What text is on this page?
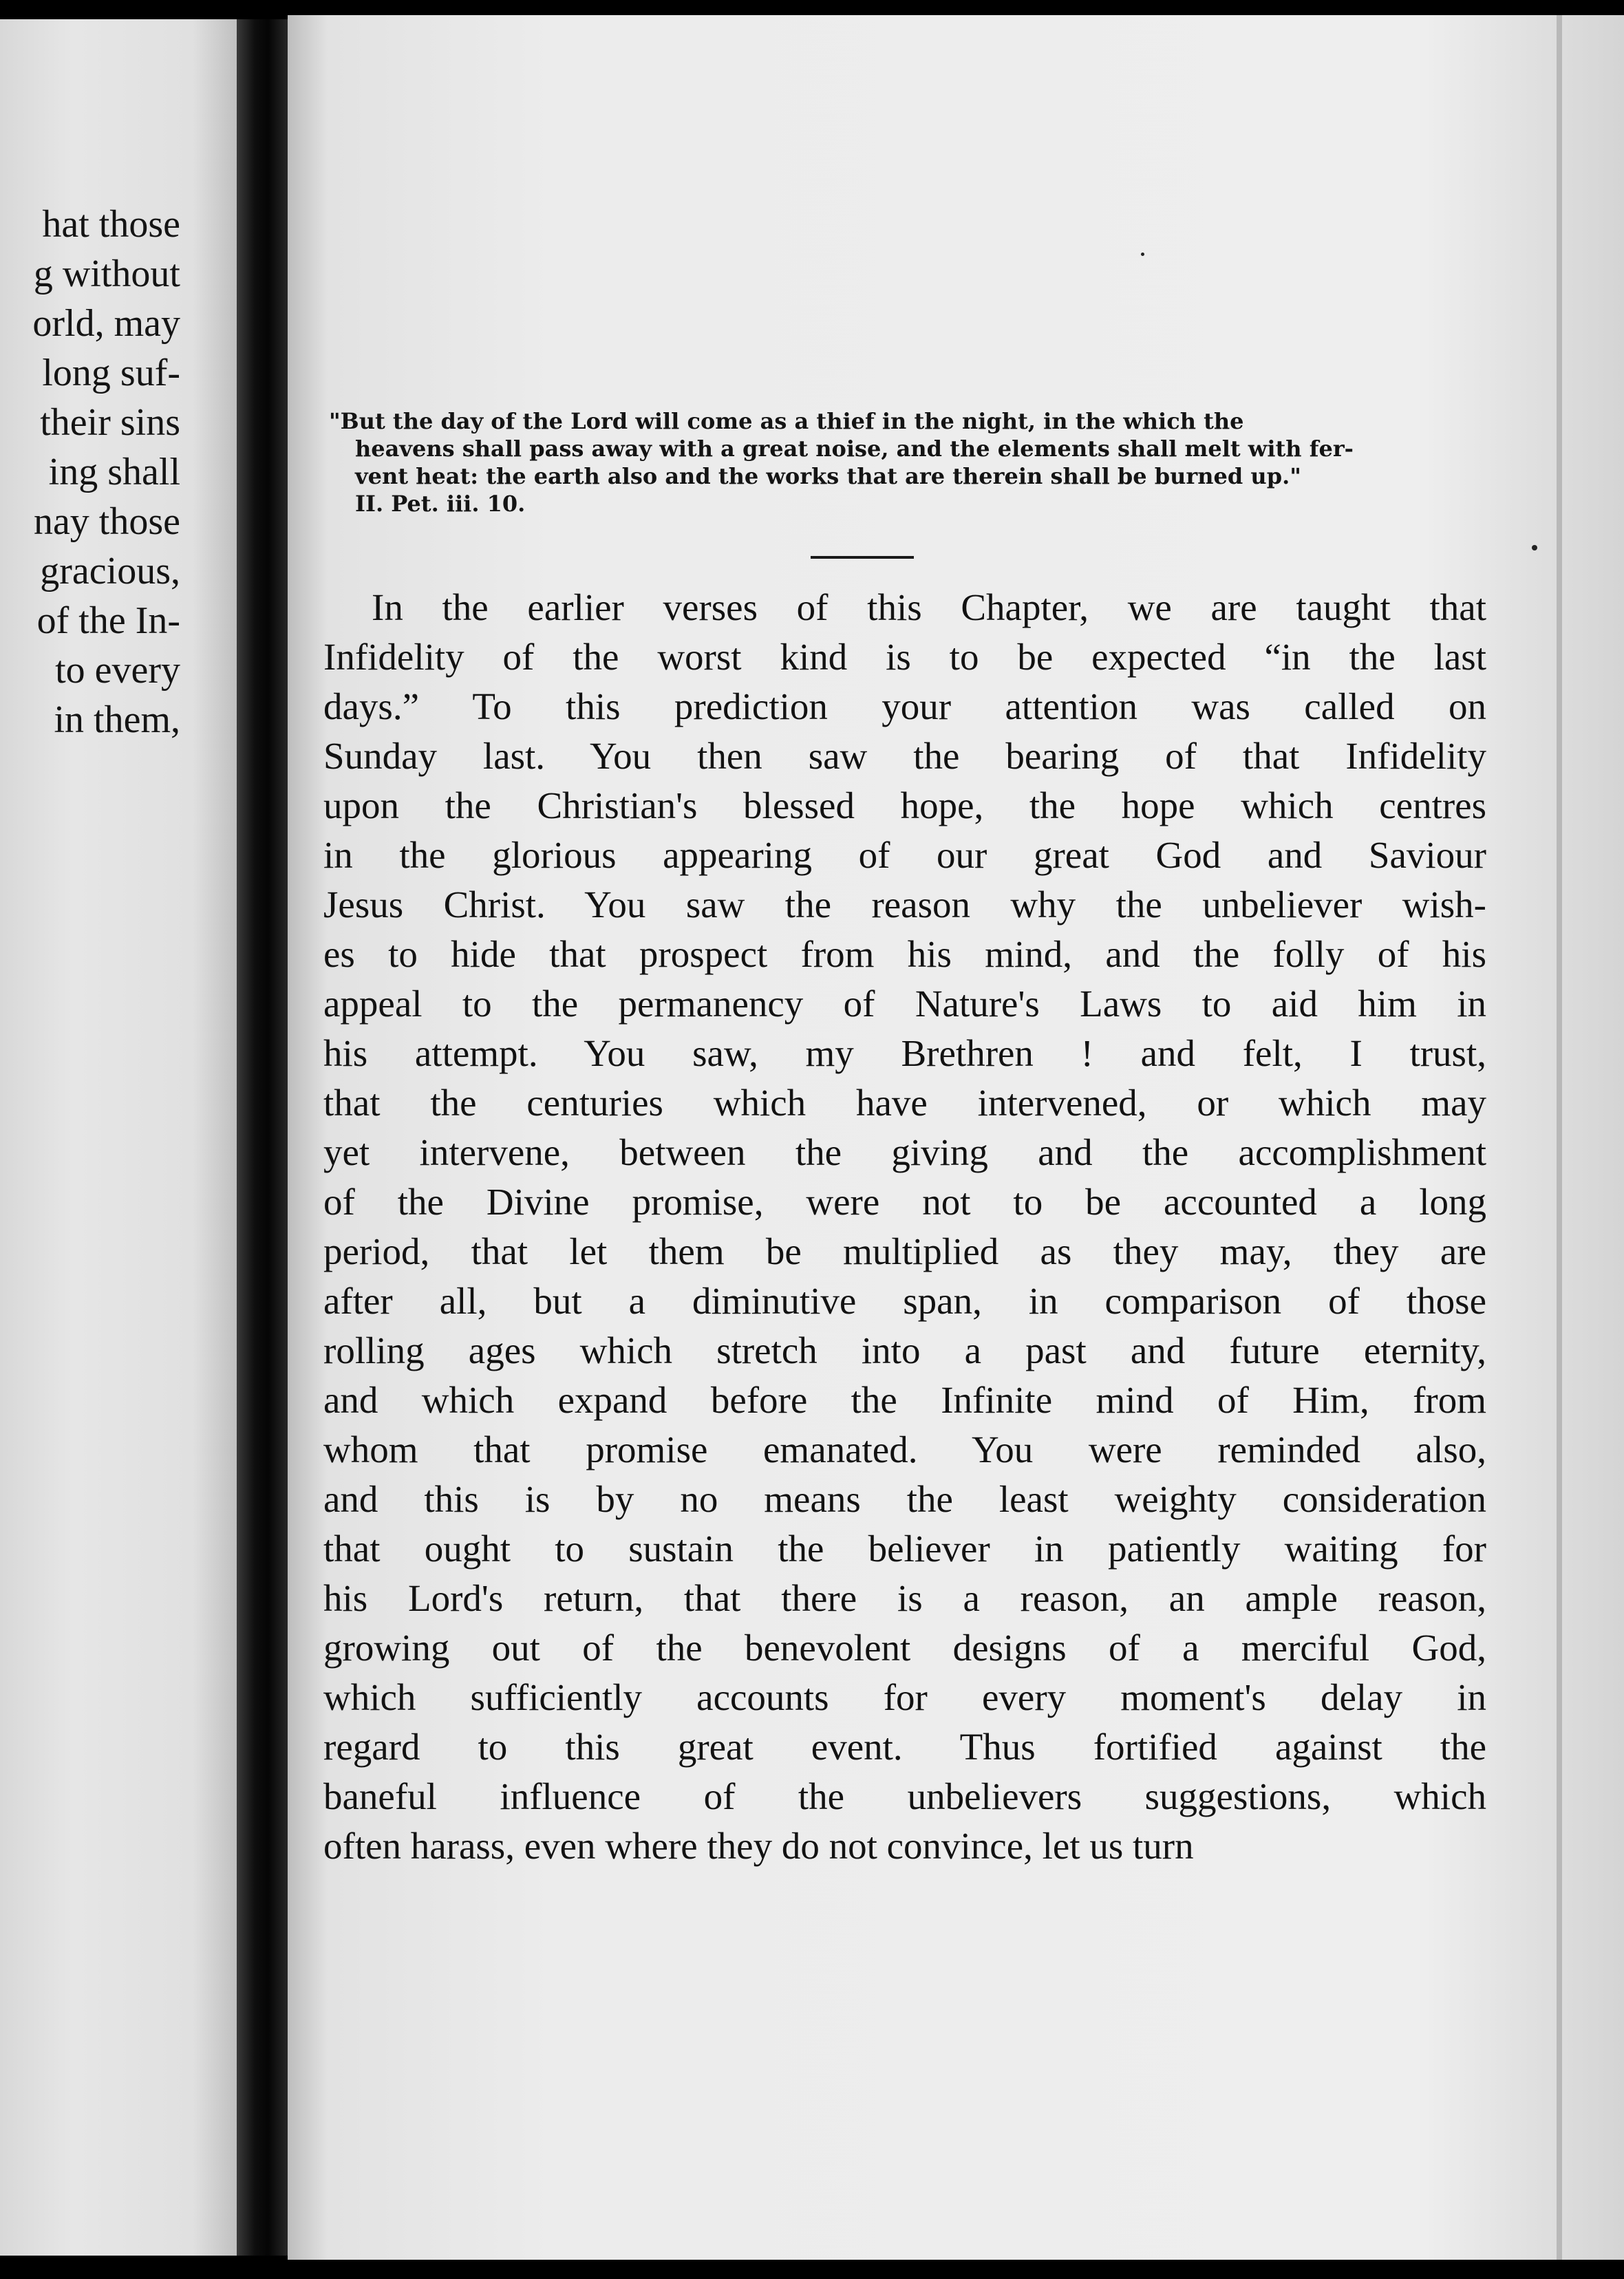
hat those
g without
orld, may
long suf-
their sins
ing shall
nay those
gracious,
of the In-
to every
in them,
"But the day of the Lord will come as a thief in the night, in the which the
heavens shall pass away with a great noise, and the elements shall melt with fer-
vent heat: the earth also and the works that are therein shall be burned up."
II. Pet. iii. 10.
In the earlier verses of this Chapter, we are taught that
Infidelity of the worst kind is to be expected “in the last
days.” To this prediction your attention was called on
Sunday last. You then saw the bearing of that Infidelity
upon the Christian's blessed hope, the hope which centres
in the glorious appearing of our great God and Saviour
Jesus Christ. You saw the reason why the unbeliever wish-
es to hide that prospect from his mind, and the folly of his
appeal to the permanency of Nature's Laws to aid him in
his attempt. You saw, my Brethren ! and felt, I trust,
that the centuries which have intervened, or which may
yet intervene, between the giving and the accomplishment
of the Divine promise, were not to be accounted a long
period, that let them be multiplied as they may, they are
after all, but a diminutive span, in comparison of those
rolling ages which stretch into a past and future eternity,
and which expand before the Infinite mind of Him, from
whom that promise emanated. You were reminded also,
and this is by no means the least weighty consideration
that ought to sustain the believer in patiently waiting for
his Lord's return, that there is a reason, an ample reason,
growing out of the benevolent designs of a merciful God,
which sufficiently accounts for every moment's delay in
regard to this great event. Thus fortified against the
baneful influence of the unbelievers suggestions, which
often harass, even where they do not convince, let us turn
